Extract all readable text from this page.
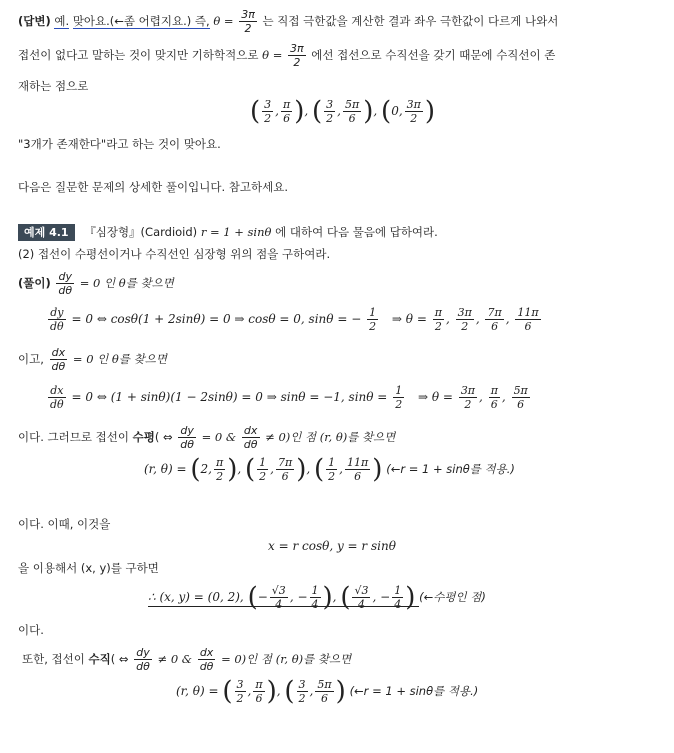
(답변) 예. 맞아요.(←좀 어렵지요.) 즉, $\theta = \frac{3\pi}{2}$ 는 직접 극한값을 계산한 결과 좌우 극한값이 다르게 나와서
접선이 없다고 말하는 것이 맞지만 기하학적으로 $\theta = \frac{3\pi}{2}$ 에선 접선으로 수직선을 갖기 때문에 수직선이 존
재하는 점으로
( $\frac{3}{2}$ , $\frac{\pi}{6}$ ), ( $\frac{3}{2}$ , $\frac{5\pi}{6}$ ), (0, $\frac{3\pi}{2}$ )
"3개가 존재한다"라고 하는 것이 맞아요.
다음은 질문한 문제의 상세한 풀이입니다. 참고하세요.
예제 4.1 『심장형』(Cardioid) r = 1 + sinθ 에 대하여 다음 물음에 답하여라.
(2) 접선이 수평선이거나 수직선인 심장형 위의 점을 구하여라.
(풀이) $\frac{dy}{d\theta} = 0$ 인 θ를 찾으면
$\frac{dy}{d\theta} = 0$ ⇔ cosθ(1 + 2sinθ) = 0 ⇒ cosθ = 0, sinθ = − $\frac{1}{2}$ ⇒ $\theta = \frac{\pi}{2}$ , $\frac{3\pi}{2}$ , $\frac{7\pi}{6}$ , $\frac{11\pi}{6}$
이고, $\frac{dx}{d\theta} = 0$ 인 θ를 찾으면
$\frac{dx}{d\theta} = 0$ ⇔ (1 + sinθ)(1 − 2sinθ) = 0 ⇒ sinθ = −1, $\sin\theta = \frac{1}{2}$ ⇒ $\theta = \frac{3\pi}{2}$ , $\frac{\pi}{6}$ , $\frac{5\pi}{6}$
이다. 그러므로 접선이 수평( ⇔ $\frac{dy}{d\theta} = 0$ & $\frac{dx}{d\theta} \ne 0$)인 점 (r, θ)를 찾으면
(r, θ) = (2, $\frac{\pi}{2}$ ), ( $\frac{1}{2}$ , $\frac{7\pi}{6}$ ), ( $\frac{1}{2}$ , $\frac{11\pi}{6}$ ) (←r = 1 + sinθ를 적용.)
이다. 이때, 이것을
x = r cosθ, y = r sinθ
을 이용해서 (x, y)를 구하면
∴ (x, y) = (0, 2), (− $\frac{√3}{4}$ , − $\frac{1}{4}$ ), ( $\frac{√3}{4}$ , − $\frac{1}{4}$ ) (←수평인 점)
이다.
또한, 접선이 수직( ⇔ $\frac{dy}{d\theta} \ne 0$ & $\frac{dx}{d\theta} = 0$)인 점 (r, θ)를 찾으면
(r, θ) = ( $\frac{3}{2}$ , $\frac{\pi}{6}$ ), ( $\frac{3}{2}$ , $\frac{5\pi}{6}$ ) (←r = 1 + sinθ를 적용.)
